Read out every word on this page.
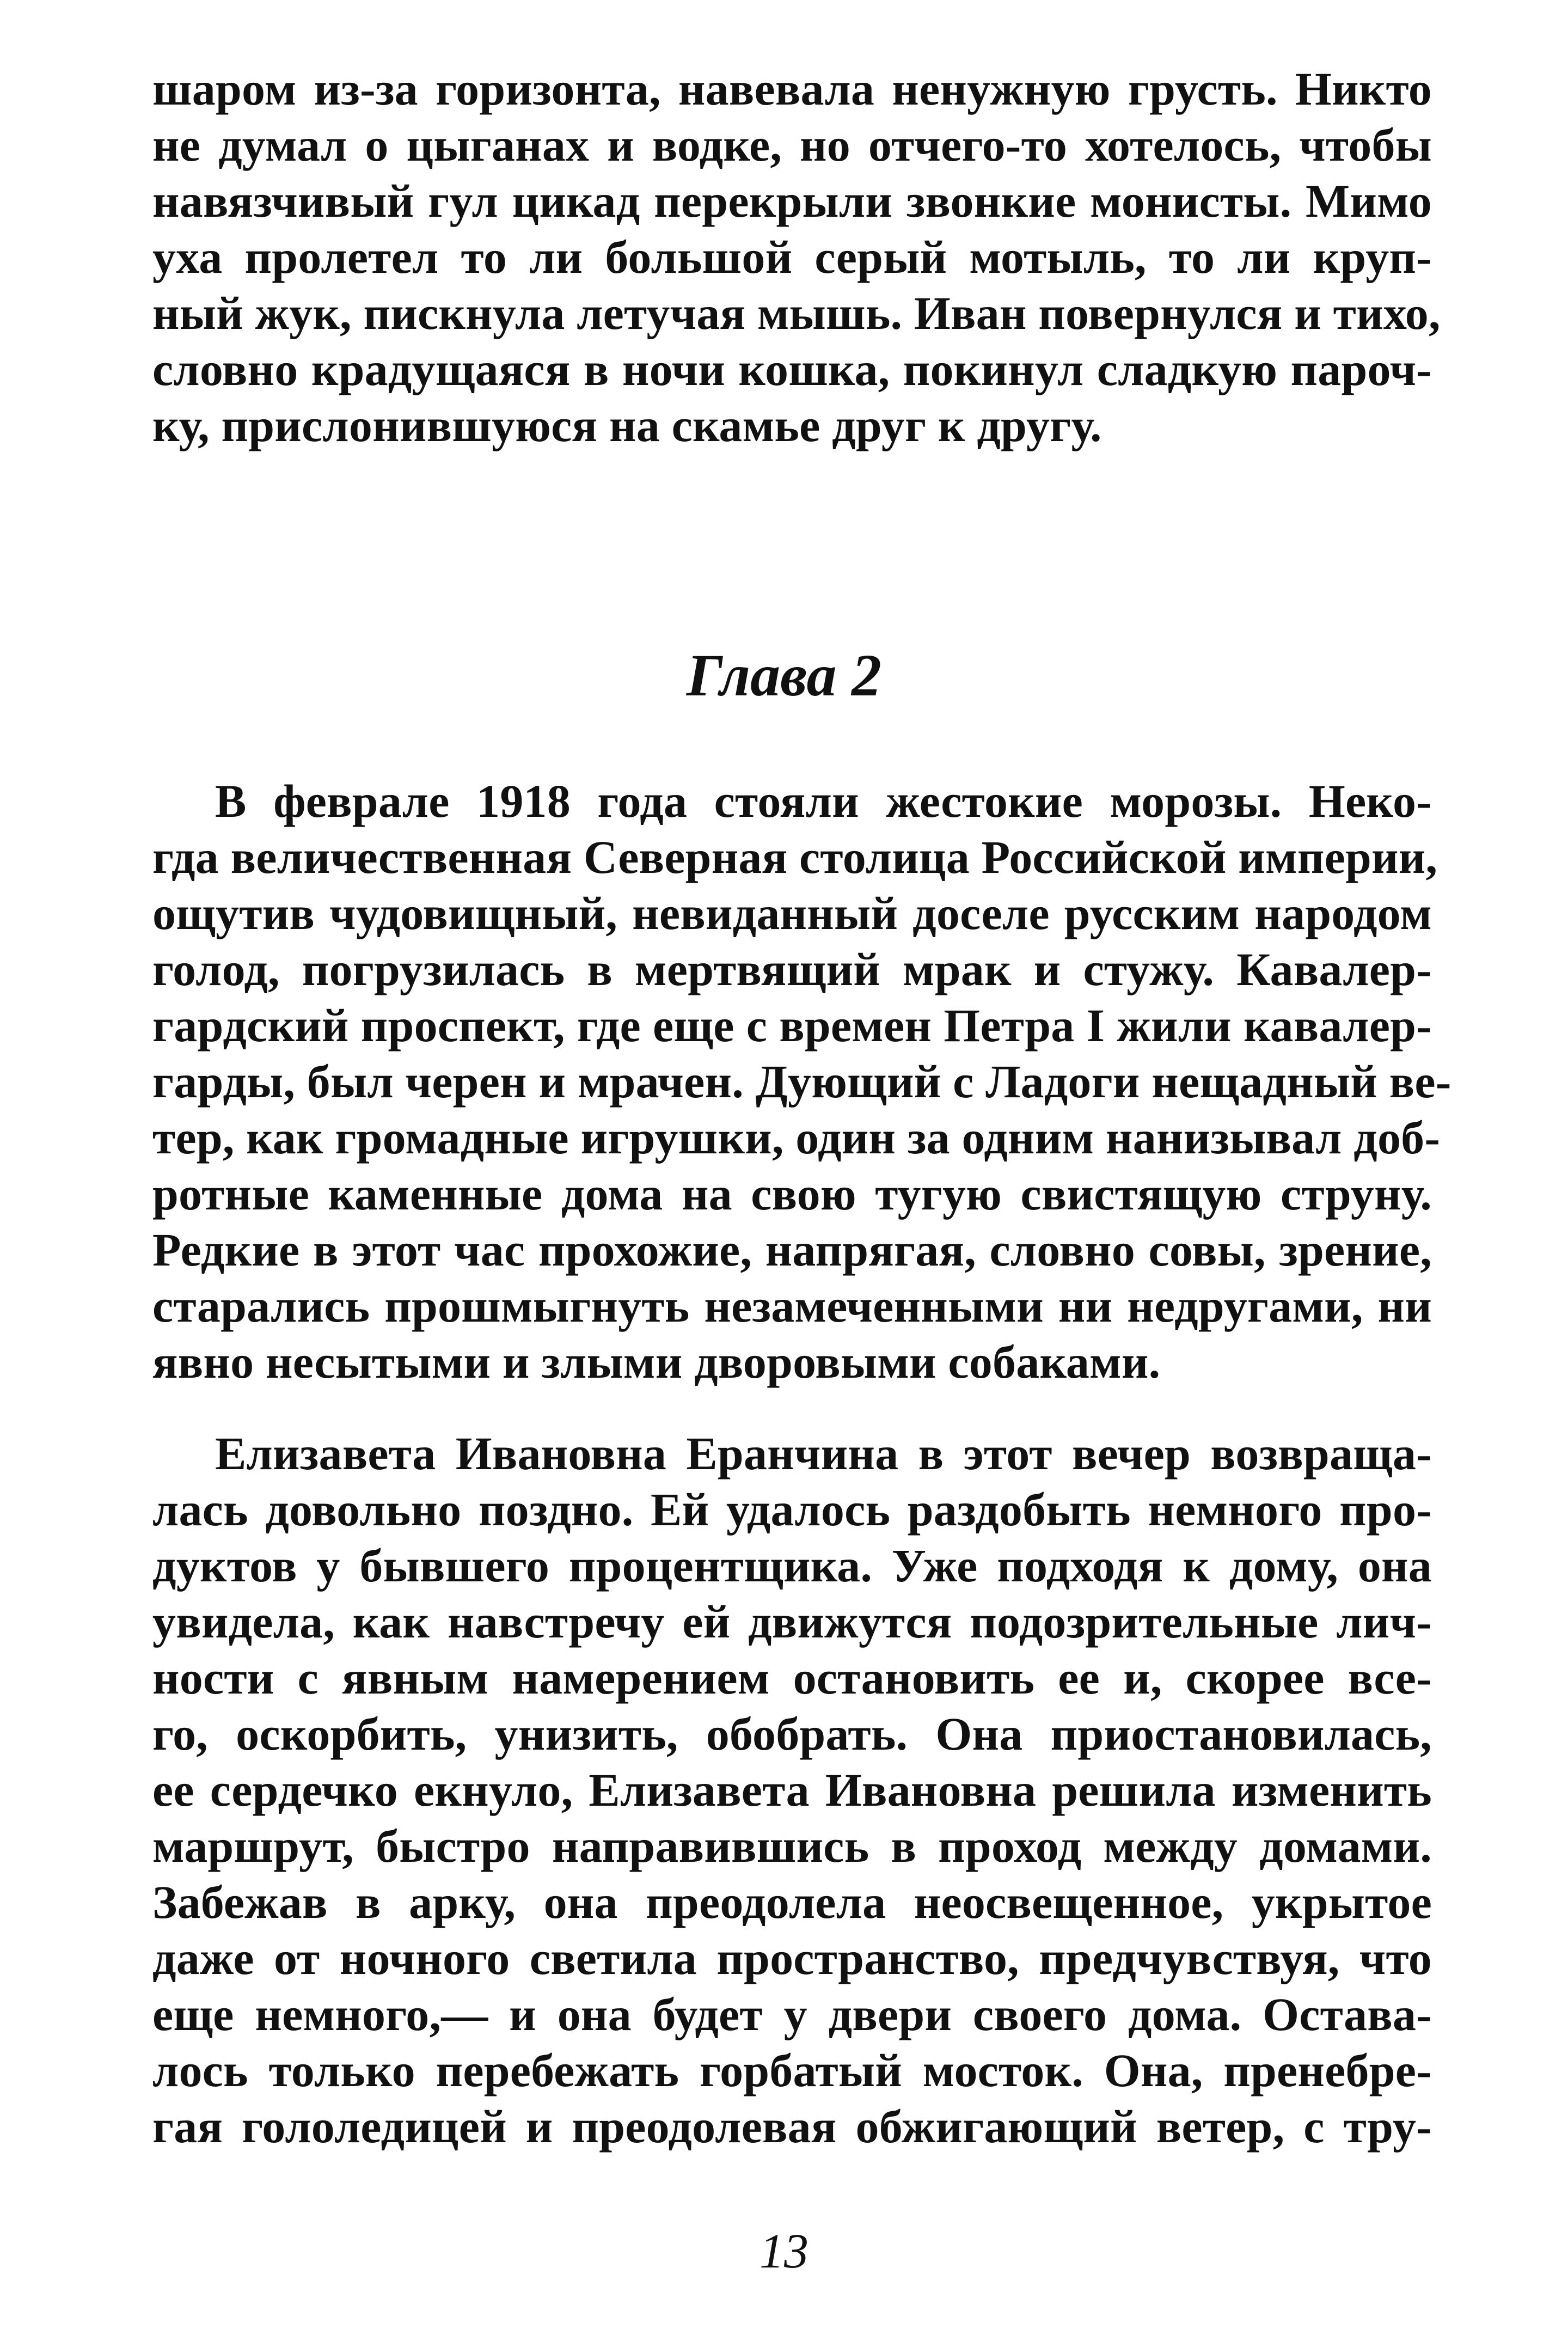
шаром из-за горизонта, навевала ненужную грусть. Никто
не думал о цыганах и водке, но отчего-то хотелось, чтобы
навязчивый гул цикад перекрыли звонкие монисты. Мимо
уха пролетел то ли большой серый мотыль, то ли круп-
ный жук, пискнула летучая мышь. Иван повернулся и тихо,
словно крадущаяся в ночи кошка, покинул сладкую пароч-
ку, прислонившуюся на скамье друг к другу.
Глава 2
В феврале 1918 года стояли жестокие морозы. Неко-
гда величественная Северная столица Российской империи,
ощутив чудовищный, невиданный доселе русским народом
голод, погрузилась в мертвящий мрак и стужу. Кавалер-
гардский проспект, где еще с времен Петра I жили кавалер-
гарды, был черен и мрачен. Дующий с Ладоги нещадный ве-
тер, как громадные игрушки, один за одним нанизывал доб-
ротные каменные дома на свою тугую свистящую струну.
Редкие в этот час прохожие, напрягая, словно совы, зрение,
старались прошмыгнуть незамеченными ни недругами, ни
явно несытыми и злыми дворовыми собаками.
Елизавета Ивановна Еранчина в этот вечер возвраща-
лась довольно поздно. Ей удалось раздобыть немного про-
дуктов у бывшего процентщика. Уже подходя к дому, она
увидела, как навстречу ей движутся подозрительные лич-
ности с явным намерением остановить ее и, скорее все-
го, оскорбить, унизить, обобрать. Она приостановилась,
ее сердечко екнуло, Елизавета Ивановна решила изменить
маршрут, быстро направившись в проход между домами.
Забежав в арку, она преодолела неосвещенное, укрытое
даже от ночного светила пространство, предчувствуя, что
еще немного,— и она будет у двери своего дома. Остава-
лось только перебежать горбатый мосток. Она, пренебре-
гая гололедицей и преодолевая обжигающий ветер, с тру-
13
